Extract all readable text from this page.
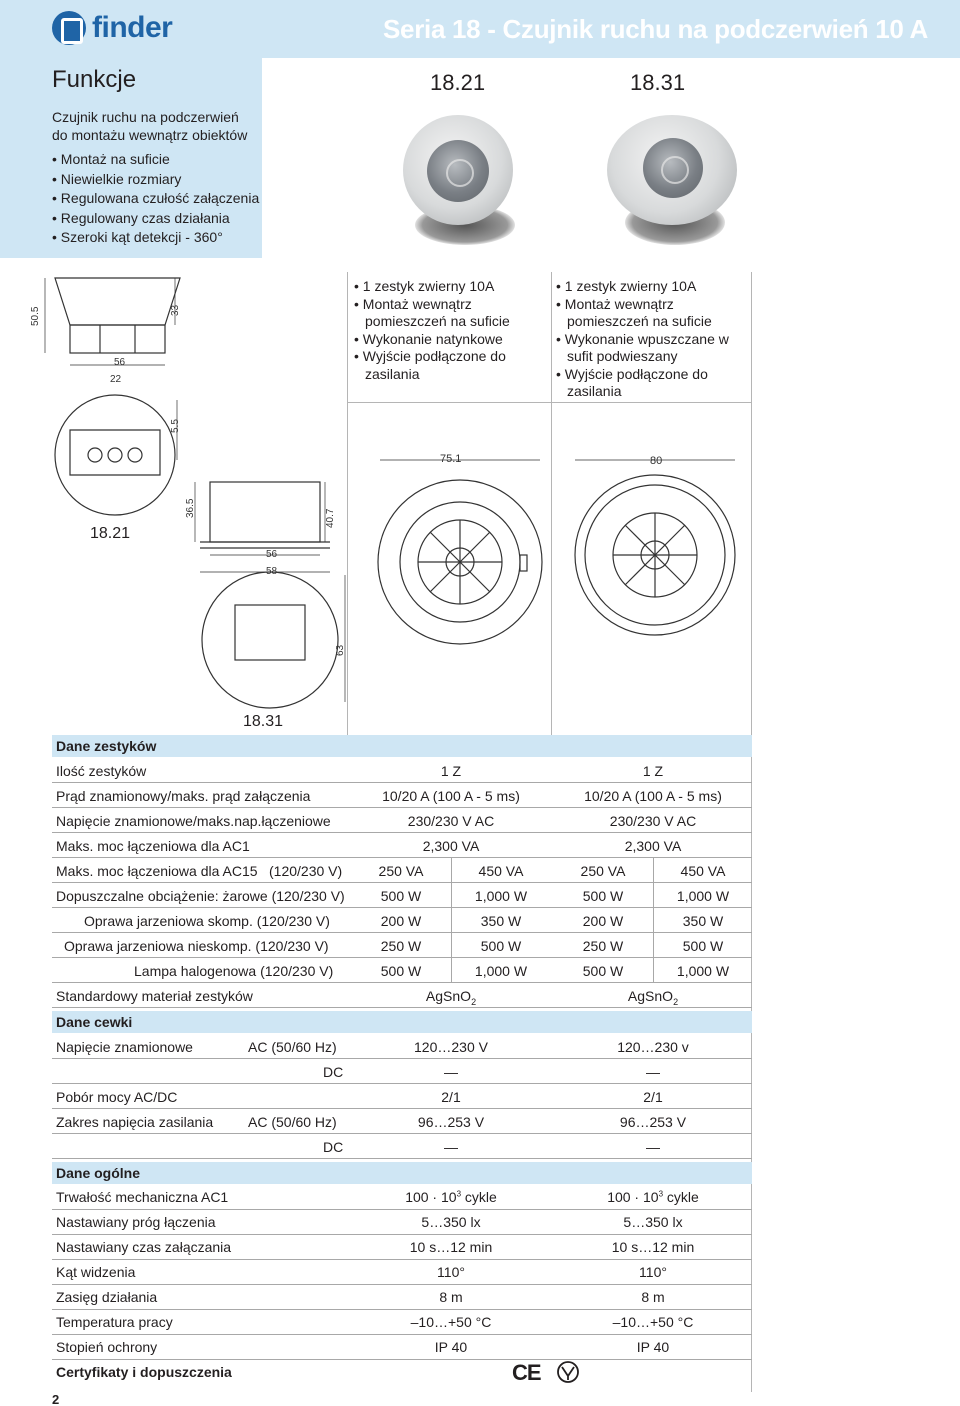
finder	Seria 18 - Czujnik ruchu na podczerwień 10 A
Funkcje
Czujnik ruchu na podczerwień do montażu wewnątrz obiektów
• Montaż na suficie
• Niewielkie rozmiary
• Regulowana czułość załączenia
• Regulowany czas działania
• Szeroki kąt detekcji - 360°
18.21	18.31
• 1 zestyk zwierny 10A
• Montaż wewnątrz pomieszczeń na suficie
• Wykonanie natynkowe
• Wyjście podłączone do zasilania
• 1 zestyk zwierny 10A
• Montaż wewnątrz pomieszczeń na suficie
• Wykonanie wpuszczane w sufit podwieszany
• Wyjście podłączone do zasilania
50.5	33
56
22
5.5
36.5
40.7
56
58
63
18.21
18.31
75.1	80
Dane zestyków
Ilość zestyków	1 Z	1 Z
Prąd znamionowy/maks. prąd załączenia	10/20 A (100 A - 5 ms)	10/20 A (100 A - 5 ms)
Napięcie znamionowe/maks.nap.łączeniowe	230/230 V AC	230/230 V AC
Maks. moc łączeniowa dla AC1	2,300 VA	2,300 VA
Maks. moc łączeniowa dla AC15 (120/230 V)	250 VA	450 VA	250 VA	450 VA
Dopuszczalne obciążenie: żarowe (120/230 V)	500 W	1,000 W	500 W	1,000 W
Oprawa jarzeniowa skomp. (120/230 V)	200 W	350 W	200 W	350 W
Oprawa jarzeniowa nieskomp. (120/230 V)	250 W	500 W	250 W	500 W
Lampa halogenowa (120/230 V)	500 W	1,000 W	500 W	1,000 W
Standardowy materiał zestyków	AgSnO$_2$	AgSnO$_2$
Dane cewki
Napięcie znamionowe	AC (50/60 Hz)	120…230 V	120…230 v
DC	—	—
Pobór mocy AC/DC	2/1	2/1
Zakres napięcia zasilania AC (50/60 Hz)	96…253 V	96…253 V
DC	—	—
Dane ogólne
Trwałość mechaniczna AC1	$100 \cdot 10^3$ cykle	$100 \cdot 10^3$ cykle
Nastawiany próg łączenia	5…350 lx	5…350 lx
Nastawiany czas załączania	10 s…12 min	10 s…12 min
Kąt widzenia	110°	110°
Zasięg działania	8 m	8 m
Temperatura pracy	–10…+50 °C	–10…+50 °C
Stopień ochrony	IP 40	IP 40
Certyfikaty i dopuszczenia	CE
2
